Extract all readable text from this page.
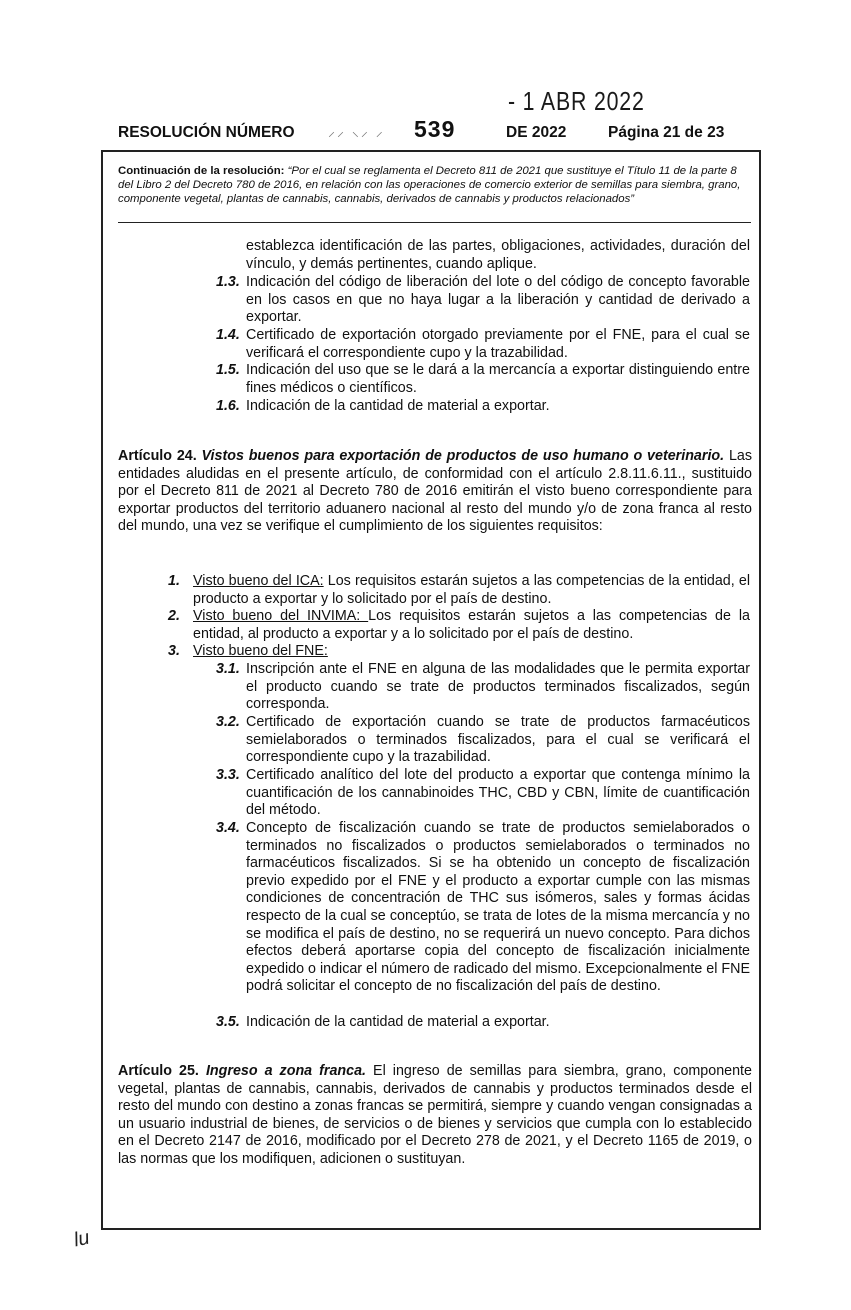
- 1 ABR 2022
RESOLUCIÓN NÚMERO ⸝⸝ ⸜⸝ ⸝ 539	DE 2022	Página 21 de 23
Continuación de la resolución: “Por el cual se reglamenta el Decreto 811 de 2021 que sustituye el Título 11 de la parte 8 del Libro 2 del Decreto 780 de 2016, en relación con las operaciones de comercio exterior de semillas para siembra, grano, componente vegetal, plantas de cannabis, cannabis, derivados de cannabis y productos relacionados”
establezca identificación de las partes, obligaciones, actividades, duración del vínculo, y demás pertinentes, cuando aplique.
1.3. Indicación del código de liberación del lote o del código de concepto favorable en los casos en que no haya lugar a la liberación y cantidad de derivado a exportar.
1.4. Certificado de exportación otorgado previamente por el FNE, para el cual se verificará el correspondiente cupo y la trazabilidad.
1.5. Indicación del uso que se le dará a la mercancía a exportar distinguiendo entre fines médicos o científicos.
1.6. Indicación de la cantidad de material a exportar.
Artículo 24. Vistos buenos para exportación de productos de uso humano o veterinario. Las entidades aludidas en el presente artículo, de conformidad con el artículo 2.8.11.6.11., sustituido por el Decreto 811 de 2021 al Decreto 780 de 2016 emitirán el visto bueno correspondiente para exportar productos del territorio aduanero nacional al resto del mundo y/o de zona franca al resto del mundo, una vez se verifique el cumplimiento de los siguientes requisitos:
1. Visto bueno del ICA: Los requisitos estarán sujetos a las competencias de la entidad, el producto a exportar y lo solicitado por el país de destino.
2. Visto bueno del INVIMA: Los requisitos estarán sujetos a las competencias de la entidad, al producto a exportar y a lo solicitado por el país de destino.
3. Visto bueno del FNE:
3.1. Inscripción ante el FNE en alguna de las modalidades que le permita exportar el producto cuando se trate de productos terminados fiscalizados, según corresponda.
3.2. Certificado de exportación cuando se trate de productos farmacéuticos semielaborados o terminados fiscalizados, para el cual se verificará el correspondiente cupo y la trazabilidad.
3.3. Certificado analítico del lote del producto a exportar que contenga mínimo la cuantificación de los cannabinoides THC, CBD y CBN, límite de cuantificación del método.
3.4. Concepto de fiscalización cuando se trate de productos semielaborados o terminados no fiscalizados o productos semielaborados o terminados no farmacéuticos fiscalizados. Si se ha obtenido un concepto de fiscalización previo expedido por el FNE y el producto a exportar cumple con las mismas condiciones de concentración de THC sus isómeros, sales y formas ácidas respecto de la cual se conceptúo, se trata de lotes de la misma mercancía y no se modifica el país de destino, no se requerirá un nuevo concepto. Para dichos efectos deberá aportarse copia del concepto de fiscalización inicialmente expedido o indicar el número de radicado del mismo. Excepcionalmente el FNE podrá solicitar el concepto de no fiscalización del país de destino.
3.5. Indicación de la cantidad de material a exportar.
Artículo 25. Ingreso a zona franca. El ingreso de semillas para siembra, grano, componente vegetal, plantas de cannabis, cannabis, derivados de cannabis y productos terminados desde el resto del mundo con destino a zonas francas se permitirá, siempre y cuando vengan consignadas a un usuario industrial de bienes, de servicios o de bienes y servicios que cumpla con lo establecido en el Decreto 2147 de 2016, modificado por el Decreto 278 de 2021, y el Decreto 1165 de 2019, o las normas que los modifiquen, adicionen o sustituyan.
lu
